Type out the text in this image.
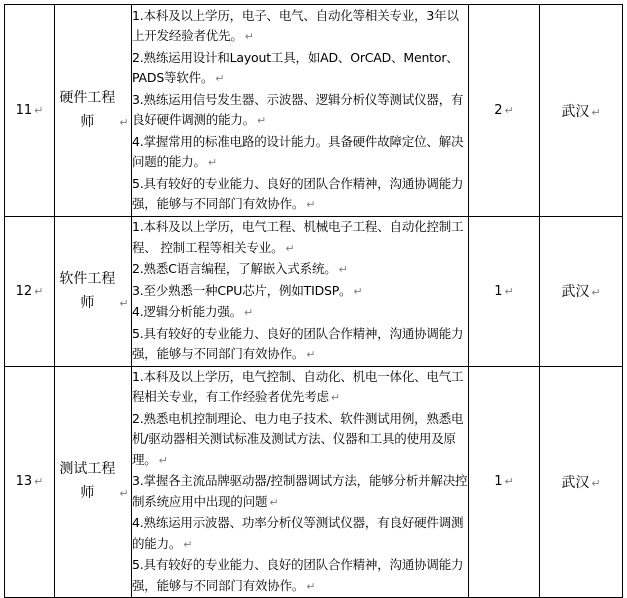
11 ↵	硬件工程师 ↵	1.本科及以上学历，电子、电气、自动化等相关专业，3年以上开发经验者优先。 ↵
2.熟练运用设计和Layout工具，如AD、OrCAD、Mentor、PADS等软件。 ↵
3.熟练运用信号发生器、示波器、逻辑分析仪等测试仪器，有良好硬件调测的能力。 ↵
4.掌握常用的标准电路的设计能力。具备硬件故障定位、解决问题的能力。 ↵
5.具有较好的专业能力、良好的团队合作精神，沟通协调能力强，能够与不同部门有效协作。 ↵	2 ↵	武汉 ↵
12 ↵	软件工程师 ↵	1.本科及以上学历，电气工程、机械电子工程、自动化控制工程、 控制工程等相关专业。 ↵
2.熟悉C语言编程，了解嵌入式系统。 ↵
3.至少熟悉一种CPU芯片，例如TIDSP。 ↵
4.逻辑分析能力强。 ↵
5.具有较好的专业能力、良好的团队合作精神，沟通协调能力强，能够与不同部门有效协作。 ↵	1 ↵	武汉 ↵
13 ↵	测试工程师 ↵	1.本科及以上学历，电气控制、自动化、机电一体化、电气工程相关专业，有工作经验者优先考虑 ↵
2.熟悉电机控制理论、电力电子技术、软件测试用例，熟悉电机/驱动器相关测试标准及测试方法、仪器和工具的使用及原理。 ↵
3.掌握各主流品牌驱动器/控制器调试方法，能够分析并解决控制系统应用中出现的问题 ↵
4.熟练运用示波器、功率分析仪等测试仪器，有良好硬件调测的能力。 ↵
5.具有较好的专业能力、良好的团队合作精神，沟通协调能力强，能够与不同部门有效协作。 ↵	1 ↵	武汉 ↵
